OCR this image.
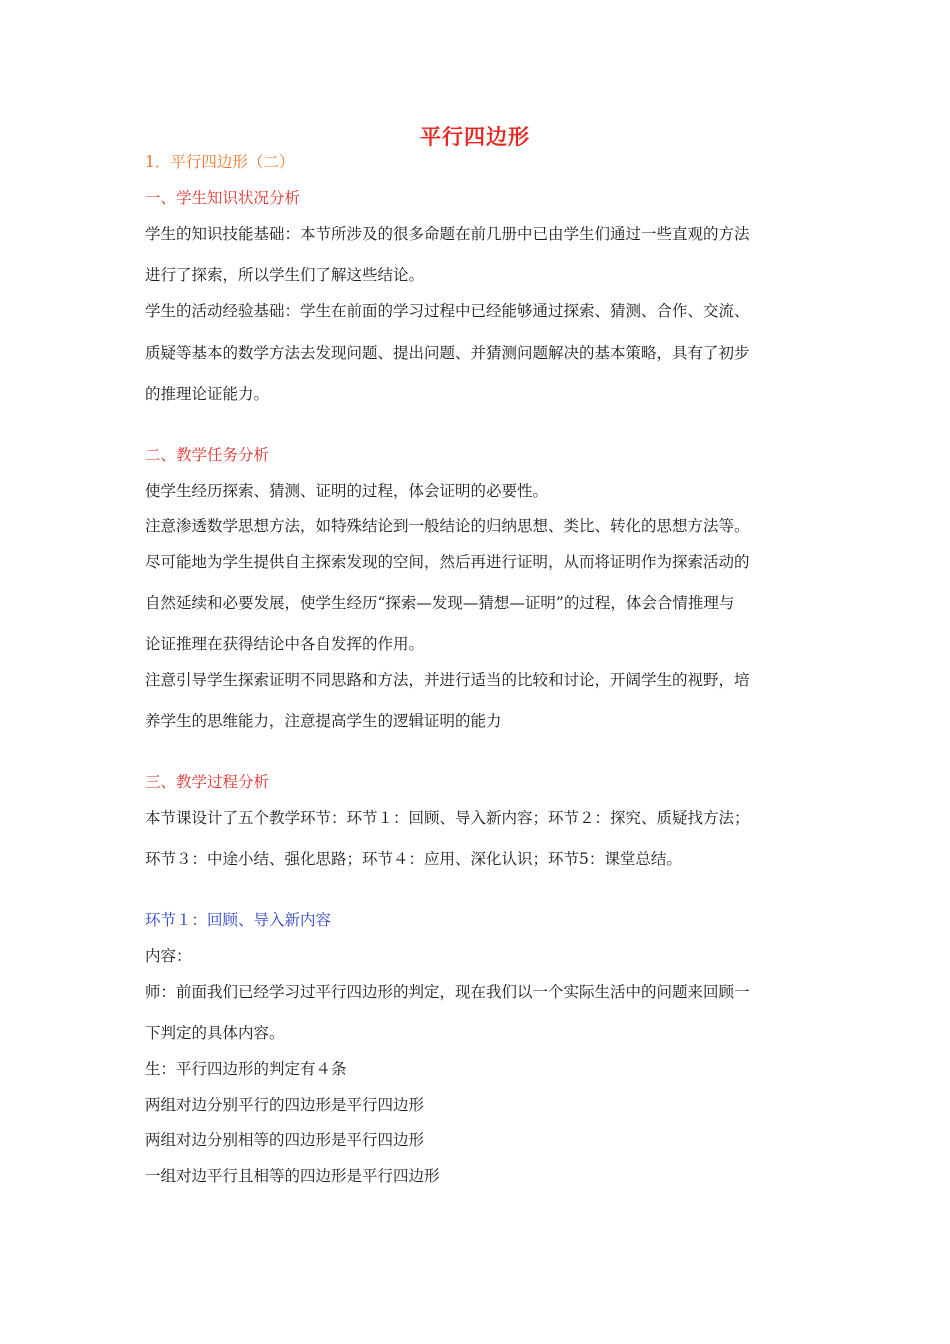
平行四边形
1．平行四边形（二）
一、学生知识状况分析
学生的知识技能基础：本节所涉及的很多命题在前几册中已由学生们通过一些直观的方法
进行了探索，所以学生们了解这些结论。
学生的活动经验基础：学生在前面的学习过程中已经能够通过探索、猜测、合作、交流、
质疑等基本的数学方法去发现问题、提出问题、并猜测问题解决的基本策略，具有了初步
的推理论证能力。
二、教学任务分析
使学生经历探索、猜测、证明的过程，体会证明的必要性。
注意渗透数学思想方法，如特殊结论到一般结论的归纳思想、类比、转化的思想方法等。
尽可能地为学生提供自主探索发现的空间，然后再进行证明，从而将证明作为探索活动的
自然延续和必要发展，使学生经历“探索—发现—猜想—证明”的过程，体会合情推理与
论证推理在获得结论中各自发挥的作用。
注意引导学生探索证明不同思路和方法，并进行适当的比较和讨论，开阔学生的视野，培
养学生的思维能力，注意提高学生的逻辑证明的能力
三、教学过程分析
本节课设计了五个教学环节：环节１：回顾、导入新内容；环节２：探究、质疑找方法；
环节３：中途小结、强化思路；环节４：应用、深化认识；环节5：课堂总结。
环节１：回顾、导入新内容
内容：
师：前面我们已经学习过平行四边形的判定，现在我们以一个实际生活中的问题来回顾一
下判定的具体内容。
生：平行四边形的判定有４条
两组对边分别平行的四边形是平行四边形
两组对边分别相等的四边形是平行四边形
一组对边平行且相等的四边形是平行四边形
